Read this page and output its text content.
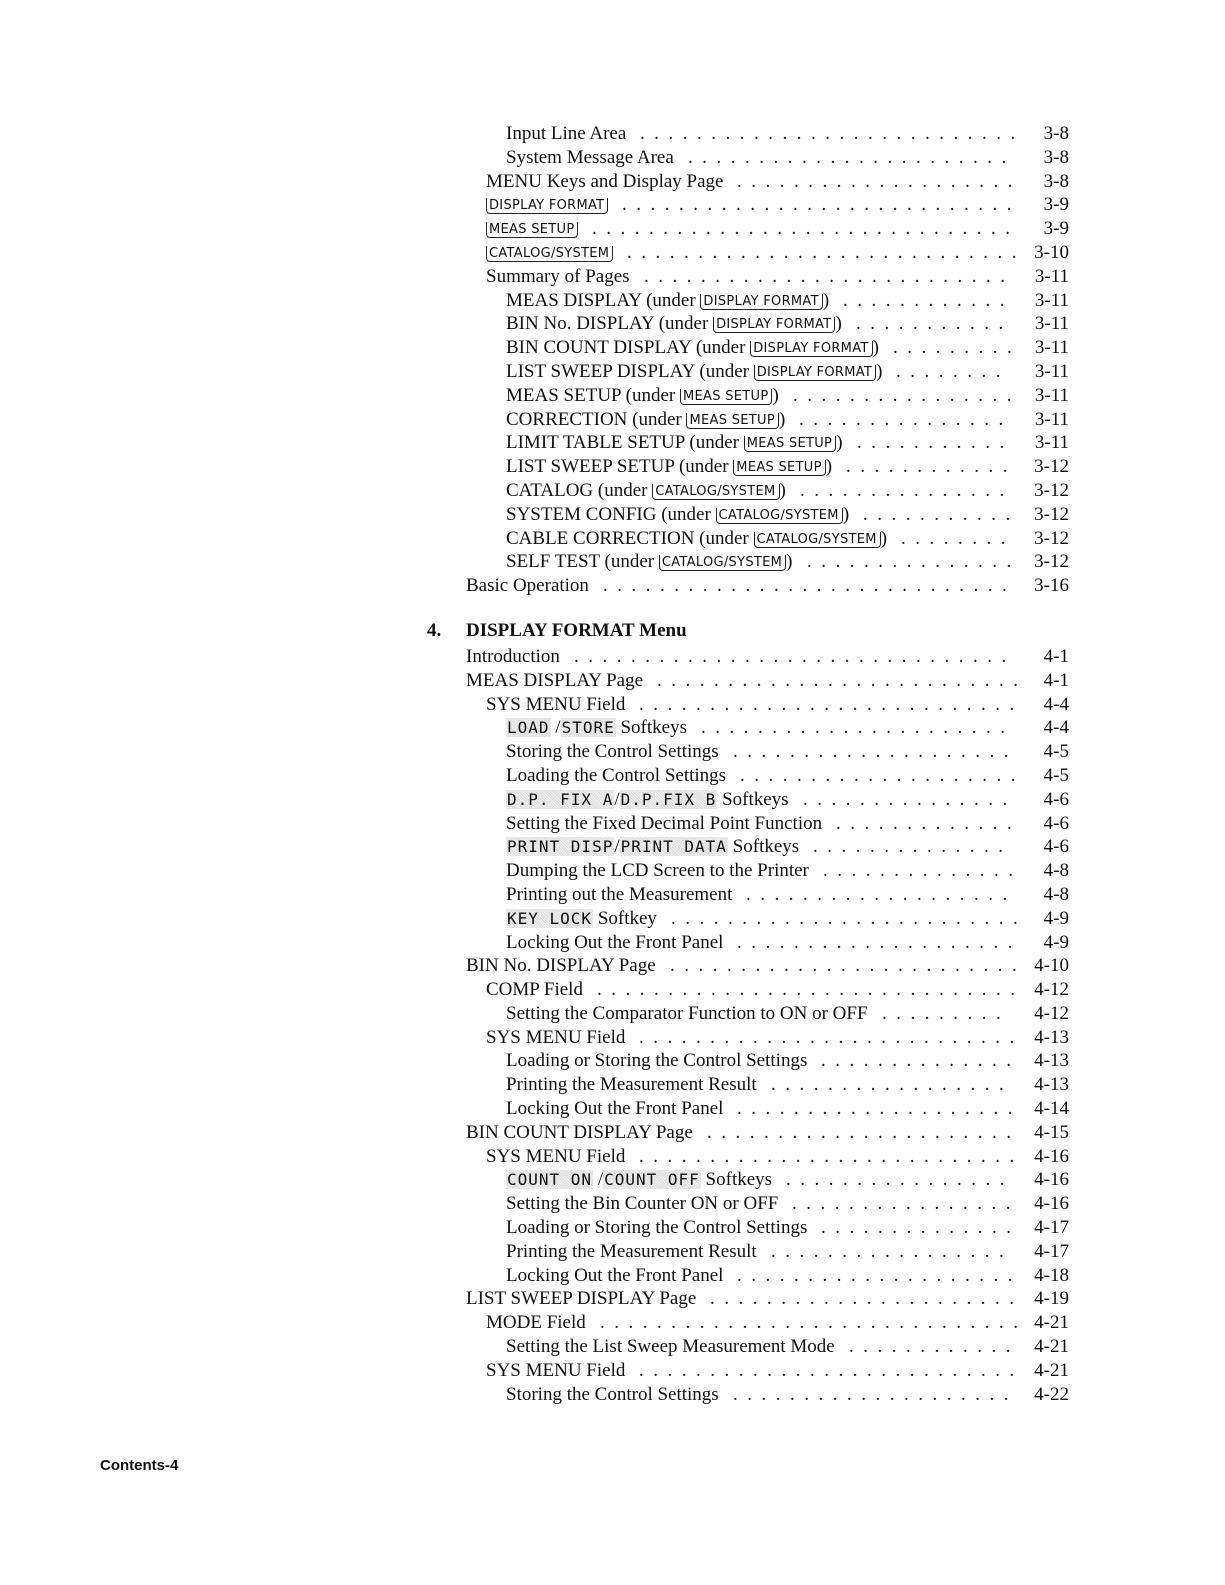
Input Line Area ........................... 3-8
System Message Area ....................... 3-8
MENU Keys and Display Page .................... 3-8
DISPLAY FORMAT ............................ 3-9
MEAS SETUP .............................. 3-9
CATALOG/SYSTEM ............................ 3-10
Summary of Pages .......................... 3-11
MEAS DISPLAY (under DISPLAY FORMAT ) ............ 3-11
BIN No. DISPLAY (under DISPLAY FORMAT ) ........... 3-11
BIN COUNT DISPLAY (under DISPLAY FORMAT ) ......... 3-11
LIST SWEEP DISPLAY (under DISPLAY FORMAT ) ........ 3-11
MEAS SETUP (under MEAS SETUP ) ................ 3-11
CORRECTION (under MEAS SETUP ) ............... 3-11
LIMIT TABLE SETUP (under MEAS SETUP ) ........... 3-11
LIST SWEEP SETUP (under MEAS SETUP ) ............ 3-12
CATALOG (under CATALOG/SYSTEM ) ............... 3-12
SYSTEM CONFIG (under CATALOG/SYSTEM ) ........... 3-12
CABLE CORRECTION (under CATALOG/SYSTEM ) ........ 3-12
SELF TEST (under CATALOG/SYSTEM ) ............... 3-12
Basic Operation ............................. 3-16
4. DISPLAY FORMAT Menu
Introduction ............................... 4-1
MEAS DISPLAY Page .......................... 4-1
SYS MENU Field ........................... 4-4
LOAD /STORE Softkeys ...................... 4-4
Storing the Control Settings .................... 4-5
Loading the Control Settings .................... 4-5
D.P. FIX A/D.P.FIX B Softkeys ............... 4-6
Setting the Fixed Decimal Point Function ............. 4-6
PRINT DISP/PRINT DATA Softkeys .............. 4-6
Dumping the LCD Screen to the Printer .............. 4-8
Printing out the Measurement ................... 4-8
KEY LOCK Softkey ......................... 4-9
Locking Out the Front Panel .................... 4-9
BIN No. DISPLAY Page ......................... 4-10
COMP Field .............................. 4-12
Setting the Comparator Function to ON or OFF ......... 4-12
SYS MENU Field ........................... 4-13
Loading or Storing the Control Settings .............. 4-13
Printing the Measurement Result ................. 4-13
Locking Out the Front Panel .................... 4-14
BIN COUNT DISPLAY Page ...................... 4-15
SYS MENU Field ........................... 4-16
COUNT ON /COUNT OFF Softkeys ................ 4-16
Setting the Bin Counter ON or OFF ................ 4-16
Loading or Storing the Control Settings .............. 4-17
Printing the Measurement Result ................. 4-17
Locking Out the Front Panel .................... 4-18
LIST SWEEP DISPLAY Page ...................... 4-19
MODE Field .............................. 4-21
Setting the List Sweep Measurement Mode ............ 4-21
SYS MENU Field ........................... 4-21
Storing the Control Settings .................... 4-22
Contents-4
